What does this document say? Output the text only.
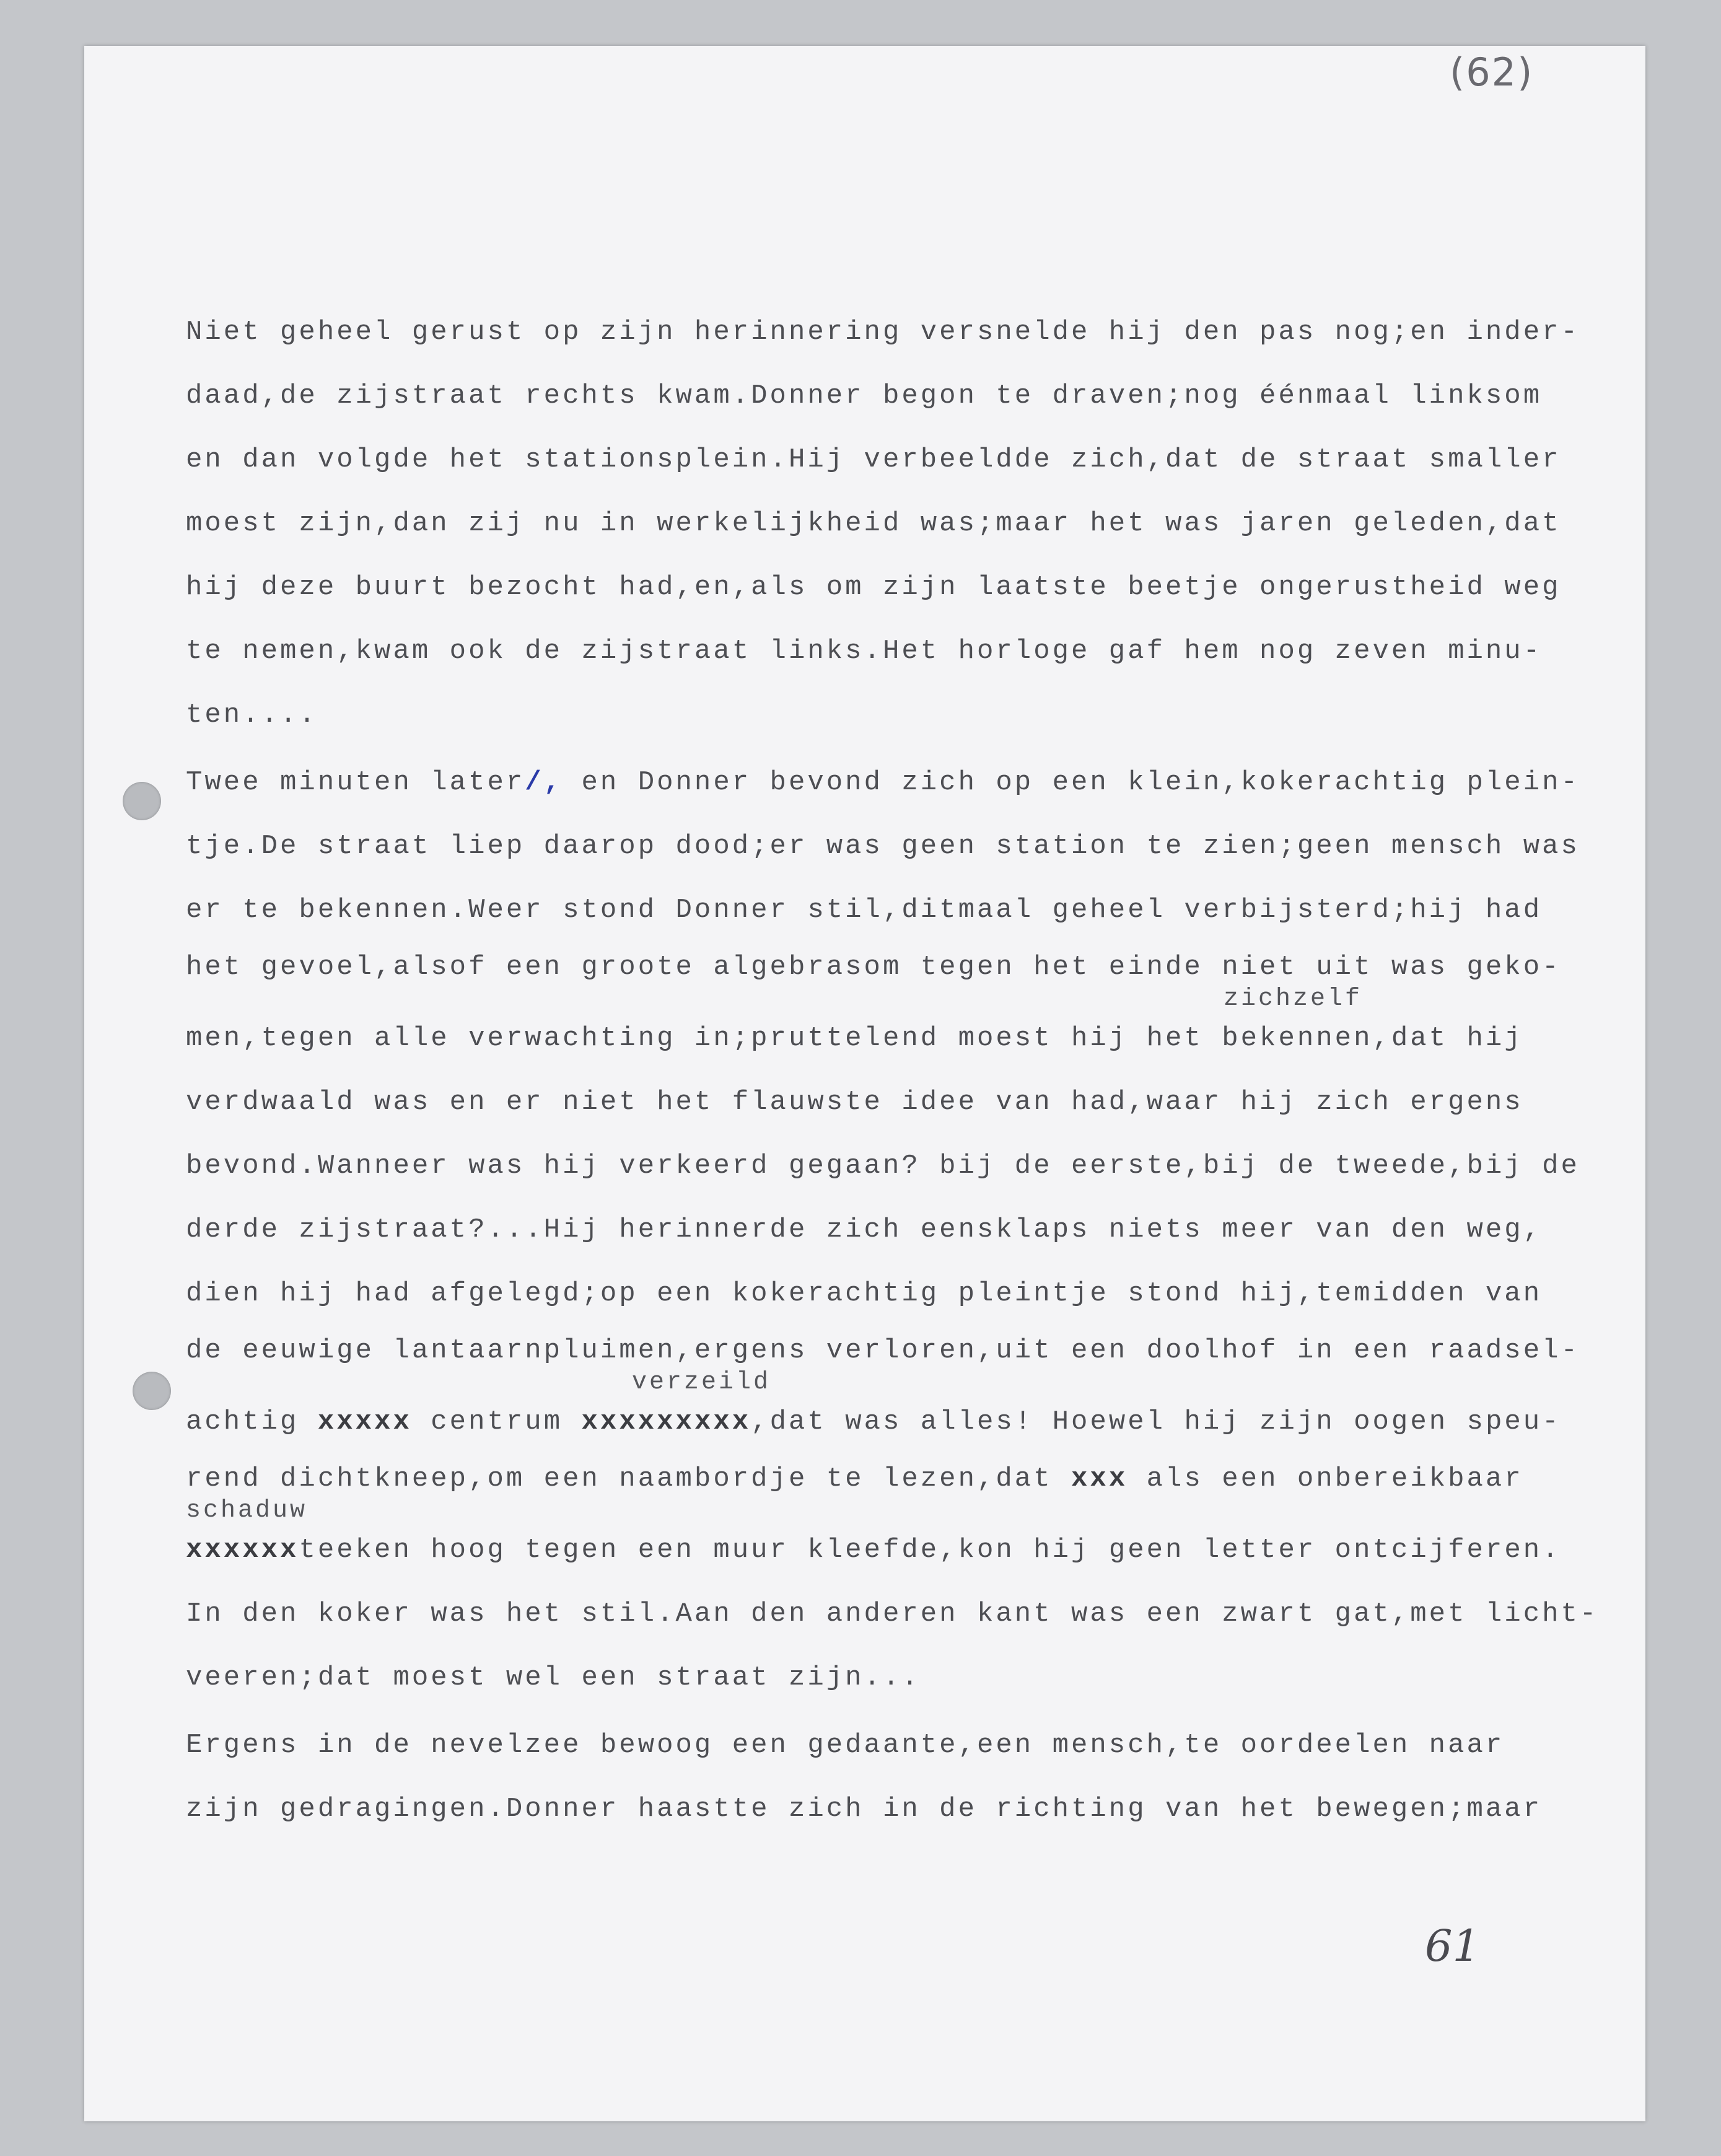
(62)
Niet geheel gerust op zijn herinnering versnelde hij den pas nog;en inder-
daad,de zijstraat rechts kwam.Donner begon te draven;nog éénmaal linksom
en dan volgde het stationsplein.Hij verbeeldde zich,dat de straat smaller
moest zijn,dan zij nu in werkelijkheid was;maar het was jaren geleden,dat
hij deze buurt bezocht had,en,als om zijn laatste beetje ongerustheid weg
te nemen,kwam ook de zijstraat links.Het horloge gaf hem nog zeven minu-
ten....
Twee minuten later/, en Donner bevond zich op een klein,kokerachtig plein-
tje.De straat liep daarop dood;er was geen station te zien;geen mensch was
er te bekennen.Weer stond Donner stil,ditmaal geheel verbijsterd;hij had
het gevoel,alsof een groote algebrasom tegen het einde niet uit was geko-
zichzelf
men,tegen alle verwachting in;pruttelend moest hij het bekennen,dat hij
verdwaald was en er niet het flauwste idee van had,waar hij zich ergens
bevond.Wanneer was hij verkeerd gegaan? bij de eerste,bij de tweede,bij de
derde zijstraat?...Hij herinnerde zich eensklaps niets meer van den weg,
dien hij had afgelegd;op een kokerachtig pleintje stond hij,temidden van
de eeuwige lantaarnpluimen,ergens verloren,uit een doolhof in een raadsel-
verzeild
achtig xxxxx centrum xxxxxxxxx,dat was alles! Hoewel hij zijn oogen speu-
rend dichtkneep,om een naambordje te lezen,dat xxx als een onbereikbaar
schaduw
xxxxxxteeken hoog tegen een muur kleefde,kon hij geen letter ontcijferen.
In den koker was het stil.Aan den anderen kant was een zwart gat,met licht-
veeren;dat moest wel een straat zijn...
Ergens in de nevelzee bewoog een gedaante,een mensch,te oordeelen naar
zijn gedragingen.Donner haastte zich in de richting van het bewegen;maar
61
